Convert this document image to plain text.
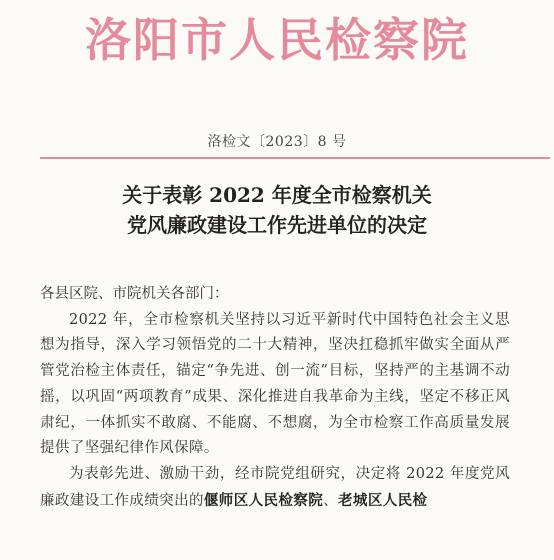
洛阳市人民检察院
洛检文〔2023〕8 号
关于表彰 2022 年度全市检察机关
党风廉政建设工作先进单位的决定
各县区院、市院机关各部门：

2022 年，全市检察机关坚持以习近平新时代中国特色社会主义思想为指导，深入学习领悟党的二十大精神，坚决扛稳抓牢做实全面从严管党治检主体责任，锚定“争先进、创一流”目标，坚持严的主基调不动摇，以巩固“两项教育”成果、深化推进自我革命为主线，坚定不移正风肃纪，一体抓实不敢腐、不能腐、不想腐，为全市检察工作高质量发展提供了坚强纪律作风保障。

为表彰先进、激励干劲，经市院党组研究，决定将 2022 年度党风廉政建设工作成绩突出的偃师区人民检察院、老城区人民检
